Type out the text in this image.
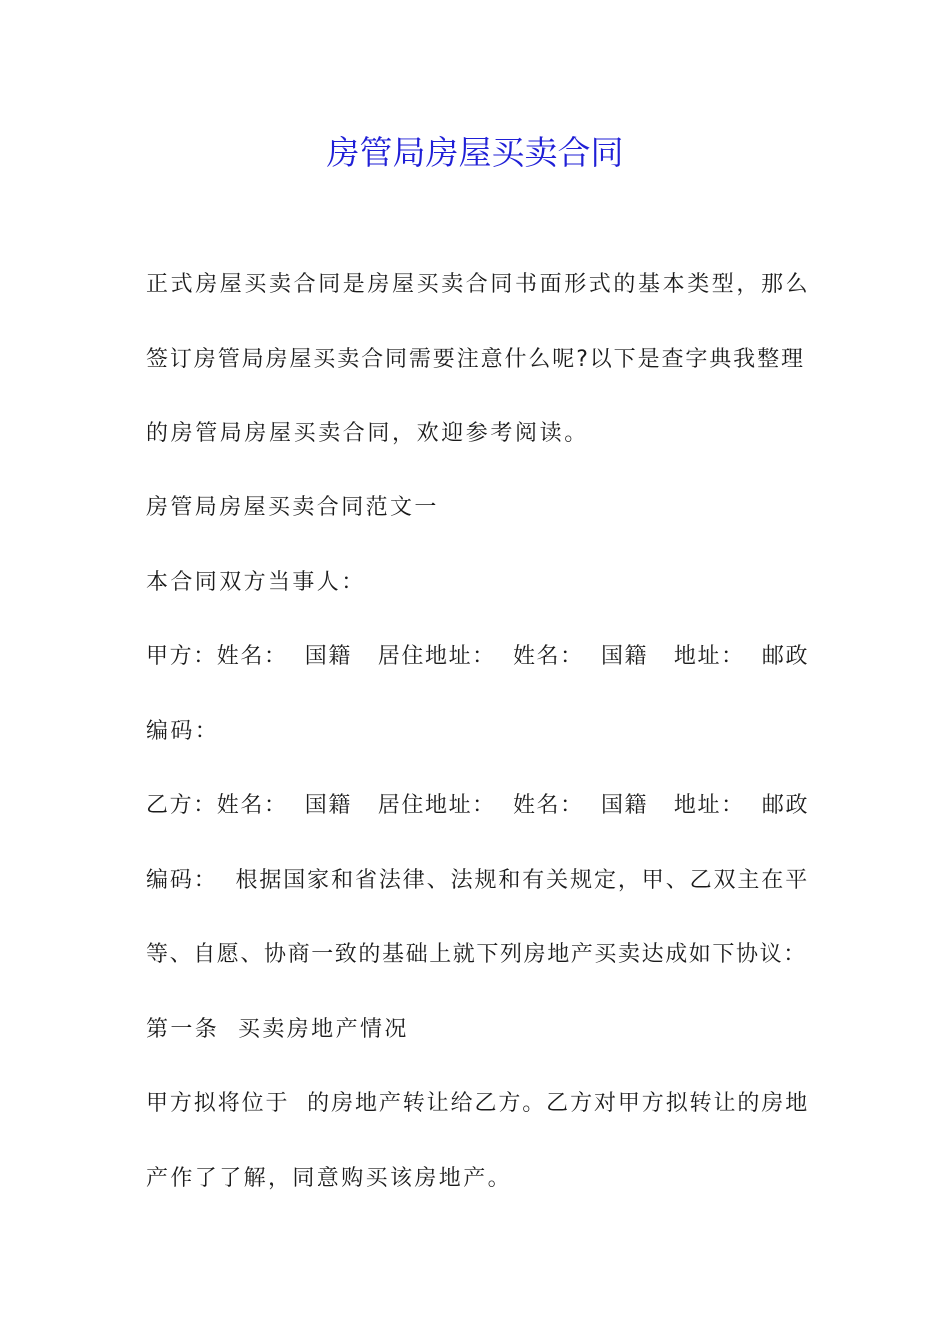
房管局房屋买卖合同

正式房屋买卖合同是房屋买卖合同书面形式的基本类型，那么

签订房管局房屋买卖合同需要注意什么呢?以下是查字典我整理

的房管局房屋买卖合同，欢迎参考阅读。

房管局房屋买卖合同范文一

本合同双方当事人：

甲方：姓名：  国籍   居住地址：  姓名：  国籍   地址：  邮政

编码：

乙方：姓名：  国籍   居住地址：  姓名：  国籍   地址：  邮政

编码：  根据国家和省法律、法规和有关规定，甲、乙双主在平

等、自愿、协商一致的基础上就下列房地产买卖达成如下协议：

第一条  买卖房地产情况

甲方拟将位于  的房地产转让给乙方。乙方对甲方拟转让的房地

产作了了解，同意购买该房地产。
